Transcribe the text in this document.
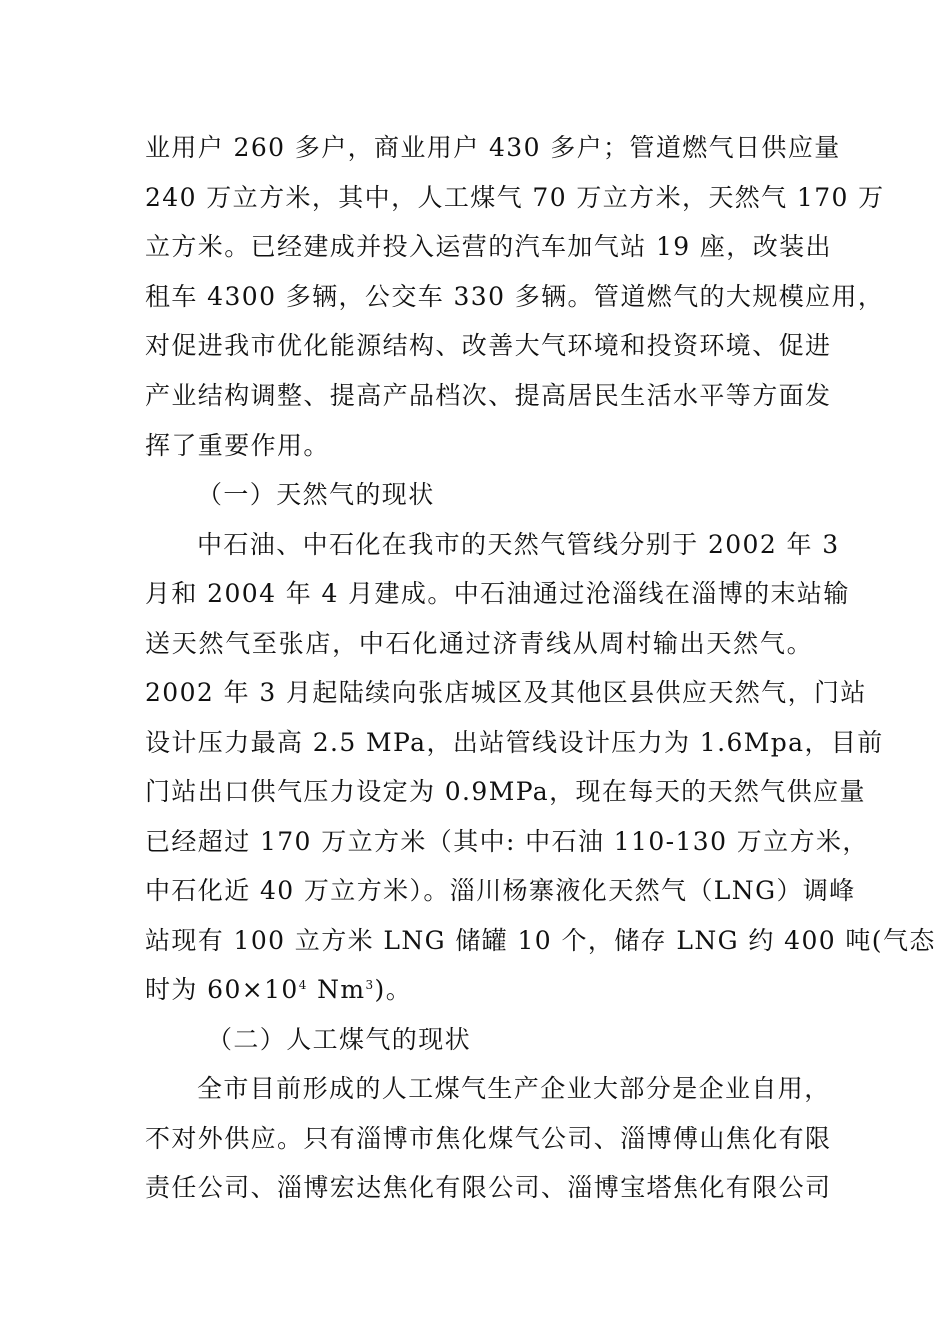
业用户 260 多户，商业用户 430 多户；管道燃气日供应量
240 万立方米，其中，人工煤气 70 万立方米，天然气 170 万
立方米。已经建成并投入运营的汽车加气站 19 座，改装出
租车 4300 多辆，公交车 330 多辆。管道燃气的大规模应用，
对促进我市优化能源结构、改善大气环境和投资环境、促进
产业结构调整、提高产品档次、提高居民生活水平等方面发
挥了重要作用。
（一）天然气的现状
中石油、中石化在我市的天然气管线分别于 2002 年 3
月和 2004 年 4 月建成。中石油通过沧淄线在淄博的末站输
送天然气至张店，中石化通过济青线从周村输出天然气。
2002 年 3 月起陆续向张店城区及其他区县供应天然气，门站
设计压力最高 2.5 MPa，出站管线设计压力为 1.6Mpa，目前
门站出口供气压力设定为 0.9MPa，现在每天的天然气供应量
已经超过 170 万立方米（其中: 中石油 110-130 万立方米，
中石化近 40 万立方米）。淄川杨寨液化天然气（LNG）调峰
站现有 100 立方米 LNG 储罐 10 个，储存 LNG 约 400 吨(气态
时为 $60\times 10^4$ Nm$^3$)。
（二）人工煤气的现状
全市目前形成的人工煤气生产企业大部分是企业自用，
不对外供应。只有淄博市焦化煤气公司、淄博傅山焦化有限
责任公司、淄博宏达焦化有限公司、淄博宝塔焦化有限公司
